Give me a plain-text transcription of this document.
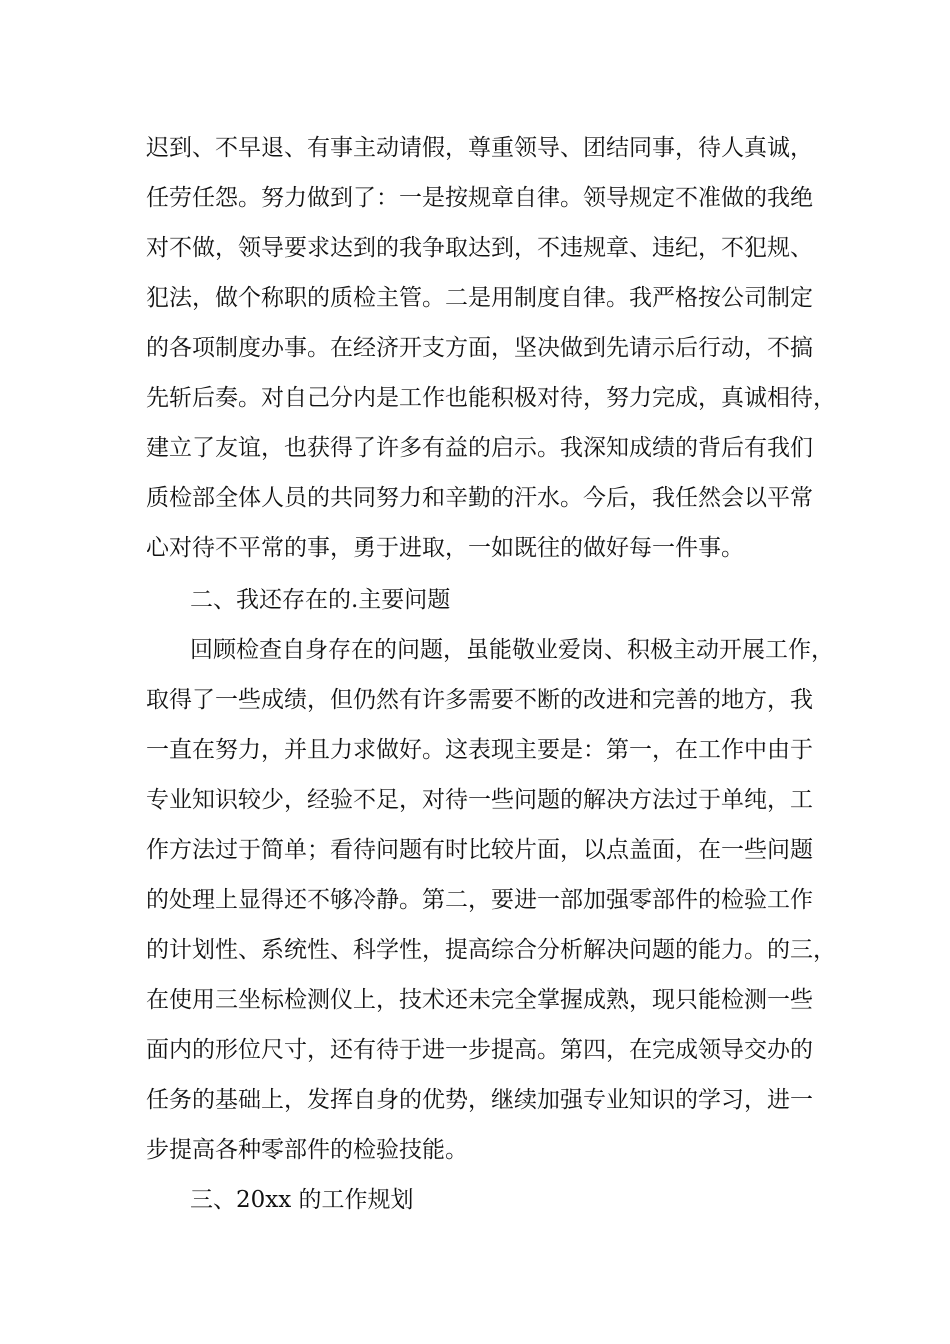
迟到、不早退、有事主动请假，尊重领导、团结同事，待人真诚，
任劳任怨。努力做到了：一是按规章自律。领导规定不准做的我绝
对不做，领导要求达到的我争取达到，不违规章、违纪，不犯规、
犯法，做个称职的质检主管。二是用制度自律。我严格按公司制定
的各项制度办事。在经济开支方面，坚决做到先请示后行动，不搞
先斩后奏。对自己分内是工作也能积极对待，努力完成，真诚相待，
建立了友谊，也获得了许多有益的启示。我深知成绩的背后有我们
质检部全体人员的共同努力和辛勤的汗水。今后，我任然会以平常
心对待不平常的事，勇于进取，一如既往的做好每一件事。
二、我还存在的.主要问题
回顾检查自身存在的问题，虽能敬业爱岗、积极主动开展工作，
取得了一些成绩，但仍然有许多需要不断的改进和完善的地方，我
一直在努力，并且力求做好。这表现主要是：第一，在工作中由于
专业知识较少，经验不足，对待一些问题的解决方法过于单纯，工
作方法过于简单；看待问题有时比较片面，以点盖面，在一些问题
的处理上显得还不够冷静。第二，要进一部加强零部件的检验工作
的计划性、系统性、科学性，提高综合分析解决问题的能力。的三，
在使用三坐标检测仪上，技术还未完全掌握成熟，现只能检测一些
面内的形位尺寸，还有待于进一步提高。第四，在完成领导交办的
任务的基础上，发挥自身的优势，继续加强专业知识的学习，进一
步提高各种零部件的检验技能。
三、20xx 的工作规划
